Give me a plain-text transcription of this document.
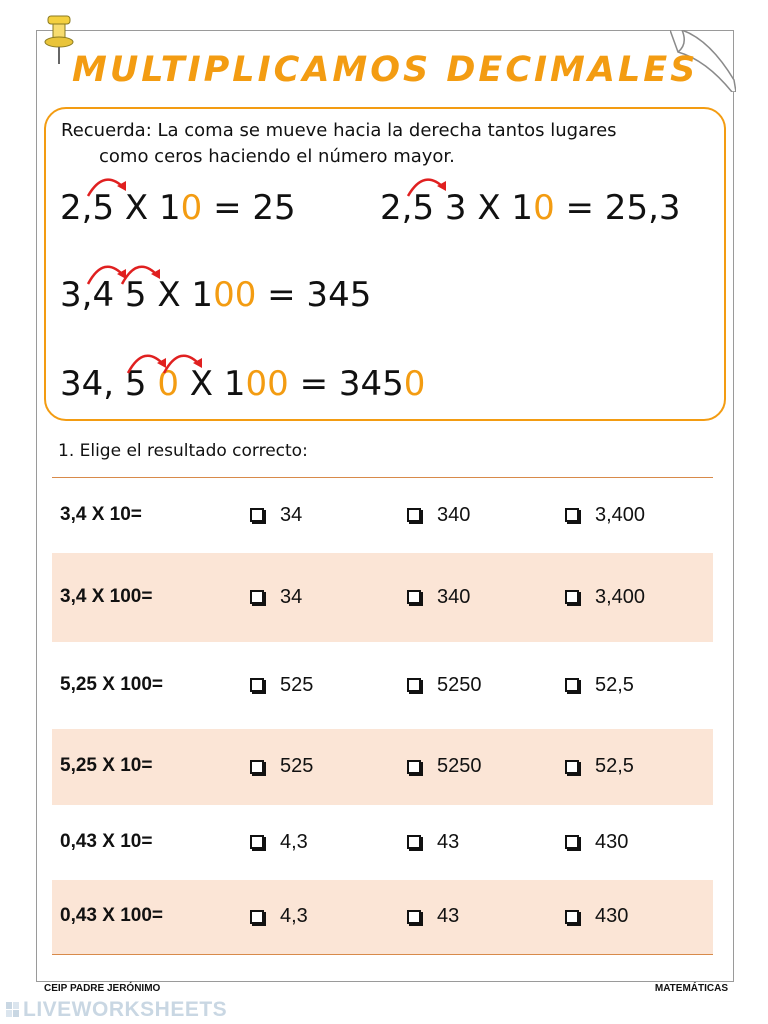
MULTIPLICAMOS DECIMALES
Recuerda: La coma se mueve hacia la derecha tantos lugares
como ceros haciendo el número mayor.
2,5 X 10 = 25 2,5 3 X 10 = 25,3
3,4 5 X 100 = 345
34, 5 0 X 100 = 3450
1. Elige el resultado correcto:
3,4 X 10=	34	340	3,400
3,4 X 100=	34	340	3,400
5,25 X 100=	525	5250	52,5
5,25 X 10=	525	5250	52,5
0,43 X 10=	4,3	43	430
0,43 X 100=	4,3	43	430
CEIP PADRE JERÓNIMO	MATEMÁTICAS
LIVEWORKSHEETS
